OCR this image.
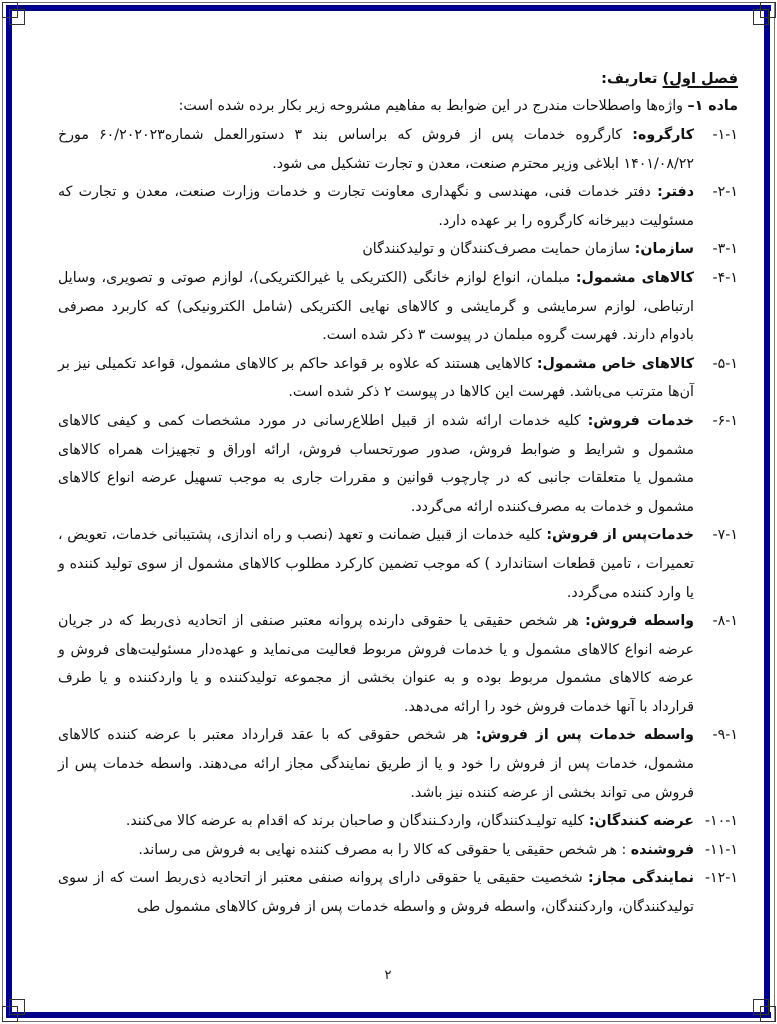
فصل اول) تعاریف:
ماده ۱– واژه‌ها واصطلاحات مندرج در این ضوابط به مفاهیم مشروحه زیر بکار برده شده است:
۱-۱-
کارگروه: کارگروه خدمات پس از فروش که براساس بند ۳ دستورالعمل شماره۶۰/۲۰۲۰۲۳ مورخ ۱۴۰۱/۰۸/۲۲ ابلاغی وزیر محترم صنعت، معدن و تجارت تشکیل می شود.
۲-۱-
دفتر: دفتر خدمات فنی، مهندسی و نگهداری معاونت تجارت و خدمات وزارت صنعت، معدن و تجارت که مسئولیت دبیرخانه کارگروه را بر عهده دارد.
۳-۱-
سازمان: سازمان حمایت مصرف‌کنندگان و تولیدکنندگان
۴-۱-
کالاهای مشمول: مبلمان، انواع لوازم خانگی (الکتریکی یا غیرالکتریکی)، لوازم صوتی و تصویری، وسایل ارتباطی، لوازم سرمایشی و گرمایشی و کالاهای نهایی الکتریکی (شامل الکترونیکی) که کاربرد مصرفی بادوام دارند. فهرست گروه مبلمان در پیوست ۳ ذکر شده است.
۵-۱-
کالاهای خاص مشمول: کالاهایی هستند که علاوه بر قواعد حاکم بر کالاهای مشمول، قواعد تکمیلی نیز بر آن‌ها مترتب می‌باشد. فهرست این کالاها در پیوست ۲ ذکر شده است.
۶-۱-
خدمات فروش: کلیه خدمات ارائه شده از قبیل اطلاع‌رسانی در مورد مشخصات کمی و کیفی کالاهای مشمول و شرایط و ضوابط فروش، صدور صورتحساب فروش، ارائه اوراق و تجهیزات همراه کالاهای مشمول یا متعلقات جانبی که در چارچوب قوانین و مقررات جاری به موجب تسهیل عرضه انواع کالاهای مشمول و خدمات به مصرف‌کننده ارائه می‌گردد.
۷-۱-
خدمات‌پس از فروش: کلیه خدمات از قبیل ضمانت و تعهد (نصب و راه اندازی، پشتیبانی خدمات، تعویض ، تعمیرات ، تامین قطعات استاندارد ) که موجب تضمین کارکرد مطلوب کالاهای مشمول از سوی تولید کننده و یا وارد کننده می‌گردد.
۸-۱-
واسطه فروش: هر شخص حقیقی یا حقوقی دارنده پروانه معتبر صنفی از اتحادیه ذی‌ربط که در جریان عرضه انواع کالاهای مشمول و یا خدمات فروش مربوط فعالیت می‌نماید و عهده‌دار مسئولیت‌های فروش و عرضه کالاهای مشمول مربوط بوده و به عنوان بخشی از مجموعه تولیدکننده و یا واردکننده و یا طرف قرارداد با آنها خدمات فروش خود را ارائه می‌دهد.
۹-۱-
واسطه خدمات پس از فروش: هر شخص حقوقی که با عقد قرارداد معتبر با عرضه کننده کالاهای مشمول، خدمات پس از فروش را خود و یا از طریق نمایندگی مجاز ارائه می‌دهند. واسطه خدمات پس از فروش می تواند بخشی از عرضه کننده نیز باشد.
۱۰-۱-
عرضه کنندگان: کلیه تولیـدکنندگان، واردکـنندگان و صاحبان برند که اقدام به عرضه کالا می‌کنند.
۱۱-۱-
فروشنده : هر شخص حقیقی یا حقوقی که کالا را به مصرف کننده نهایی به فروش می رساند.
۱۲-۱-
نمایندگی مجاز: شخصیت حقیقی یا حقوقی دارای پروانه صنفی معتبر از اتحادیه ذی‌ربط است که از سوی تولیدکنندگان، واردکنندگان، واسطه فروش و واسطه خدمات پس از فروش کالاهای مشمول طی
۲
